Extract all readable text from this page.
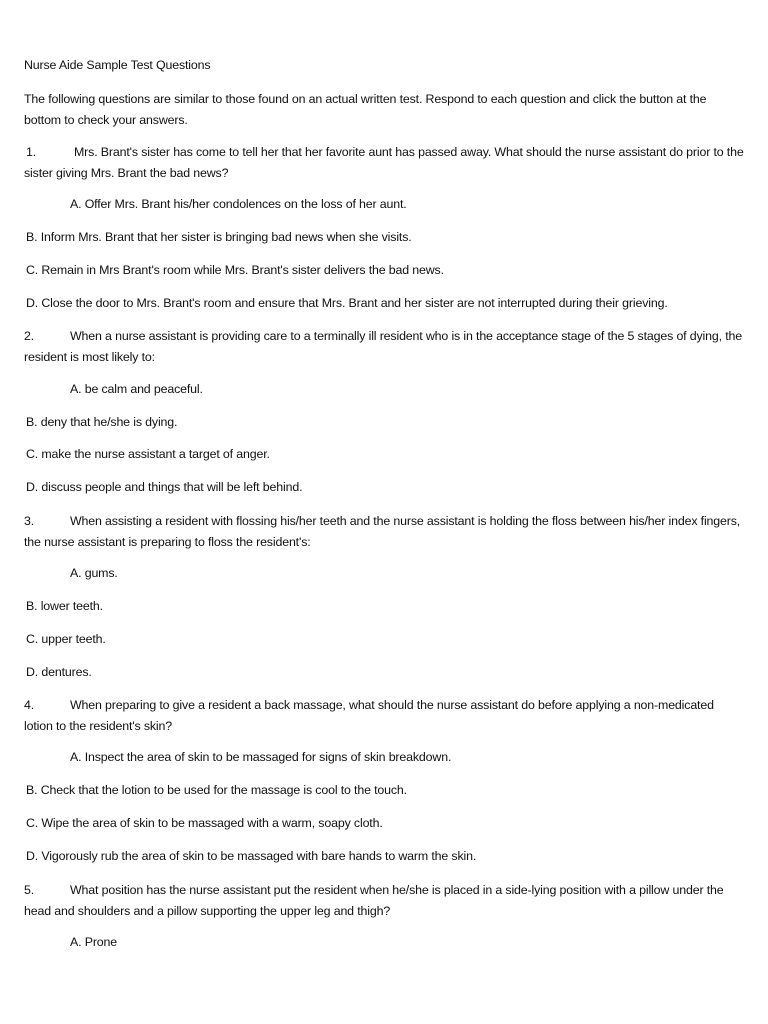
Nurse Aide Sample Test Questions
The following questions are similar to those found on an actual written test. Respond to each question and click the button at the bottom to check your answers.
1.	Mrs. Brant's sister has come to tell her that her favorite aunt has passed away. What should the nurse assistant do prior to the sister giving Mrs. Brant the bad news?
A. Offer Mrs. Brant his/her condolences on the loss of her aunt.
B. Inform Mrs. Brant that her sister is bringing bad news when she visits.
C. Remain in Mrs Brant's room while Mrs. Brant's sister delivers the bad news.
D. Close the door to Mrs. Brant's room and ensure that Mrs. Brant and her sister are not interrupted during their grieving.
2.	When a nurse assistant is providing care to a terminally ill resident who is in the acceptance stage of the 5 stages of dying, the resident is most likely to:
A. be calm and peaceful.
B. deny that he/she is dying.
C. make the nurse assistant a target of anger.
D. discuss people and things that will be left behind.
3.	When assisting a resident with flossing his/her teeth and the nurse assistant is holding the floss between his/her index fingers, the nurse assistant is preparing to floss the resident's:
A. gums.
B. lower teeth.
C. upper teeth.
D. dentures.
4.	When preparing to give a resident a back massage, what should the nurse assistant do before applying a non-medicated lotion to the resident's skin?
A. Inspect the area of skin to be massaged for signs of skin breakdown.
B. Check that the lotion to be used for the massage is cool to the touch.
C. Wipe the area of skin to be massaged with a warm, soapy cloth.
D. Vigorously rub the area of skin to be massaged with bare hands to warm the skin.
5.	What position has the nurse assistant put the resident when he/she is placed in a side-lying position with a pillow under the head and shoulders and a pillow supporting the upper leg and thigh?
A. Prone
